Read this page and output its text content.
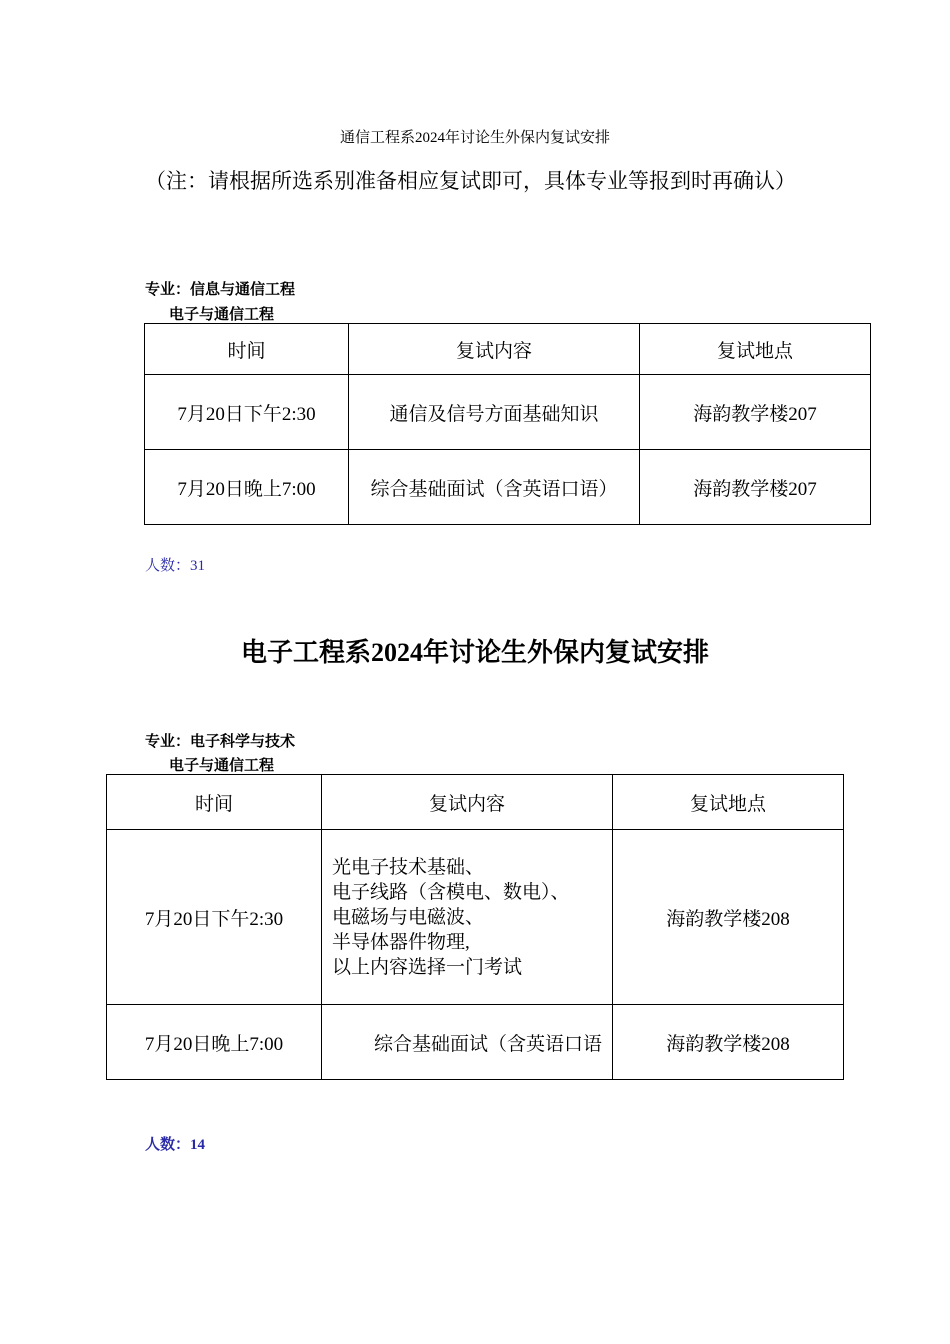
通信工程系2024年讨论生外保内复试安排
（注：请根据所选系别准备相应复试即可，具体专业等报到时再确认）
专业：信息与通信工程
电子与通信工程
时间	复试内容	复试地点
7月20日下午2:30	通信及信号方面基础知识	海韵教学楼207
7月20日晚上7:00	综合基础面试（含英语口语）	海韵教学楼207
人数：31
电子工程系2024年讨论生外保内复试安排
专业：电子科学与技术
电子与通信工程
时间	复试内容	复试地点
7月20日下午2:30	光电子技术基础、
电子线路（含模电、数电）、
电磁场与电磁波、
半导体器件物理,
以上内容选择一门考试	海韵教学楼208
7月20日晚上7:00	综合基础面试（含英语口语	海韵教学楼208
人数：14
